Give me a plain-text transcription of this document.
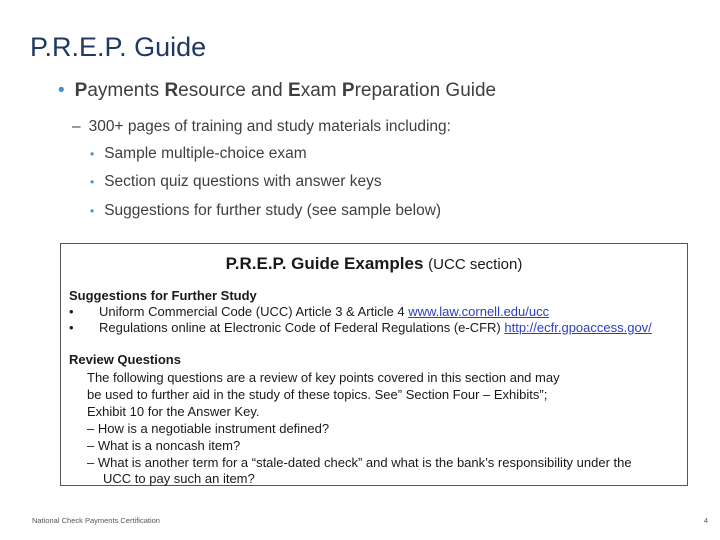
P.R.E.P. Guide
• Payments Resource and Exam Preparation Guide
– 300+ pages of training and study materials including:
• Sample multiple-choice exam
• Section quiz questions with answer keys
• Suggestions for further study (see sample below)
P.R.E.P. Guide Examples (UCC section)
Suggestions for Further Study
• Uniform Commercial Code (UCC) Article 3 & Article 4 www.law.cornell.edu/ucc
• Regulations online at Electronic Code of Federal Regulations (e-CFR) http://ecfr.gpoaccess.gov/
Review Questions
The following questions are a review of key points covered in this section and may
be used to further aid in the study of these topics. See” Section Four – Exhibits”;
Exhibit 10 for the Answer Key.
– How is a negotiable instrument defined?
– What is a noncash item?
– What is another term for a “stale-dated check” and what is the bank’s responsibility under the
UCC to pay such an item?
National Check Payments Certification	4
